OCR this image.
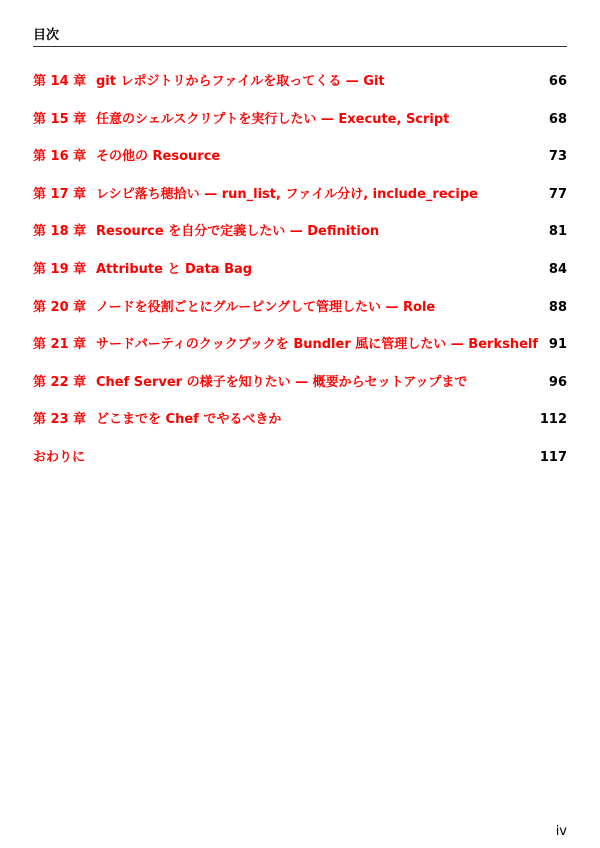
目次
第 14 章 git レポジトリからファイルを取ってくる — Git	66
第 15 章 任意のシェルスクリプトを実行したい — Execute, Script	68
第 16 章 その他の Resource	73
第 17 章 レシピ落ち穂拾い — run_list, ファイル分け, include_recipe	77
第 18 章 Resource を自分で定義したい — Definition	81
第 19 章 Attribute と Data Bag	84
第 20 章 ノードを役割ごとにグルーピングして管理したい — Role	88
第 21 章 サードパーティのクックブックを Bundler 風に管理したい — Berkshelf 91
第 22 章 Chef Server の様子を知りたい — 概要からセットアップまで	96
第 23 章 どこまでを Chef でやるべきか	112
おわりに	117
iv
